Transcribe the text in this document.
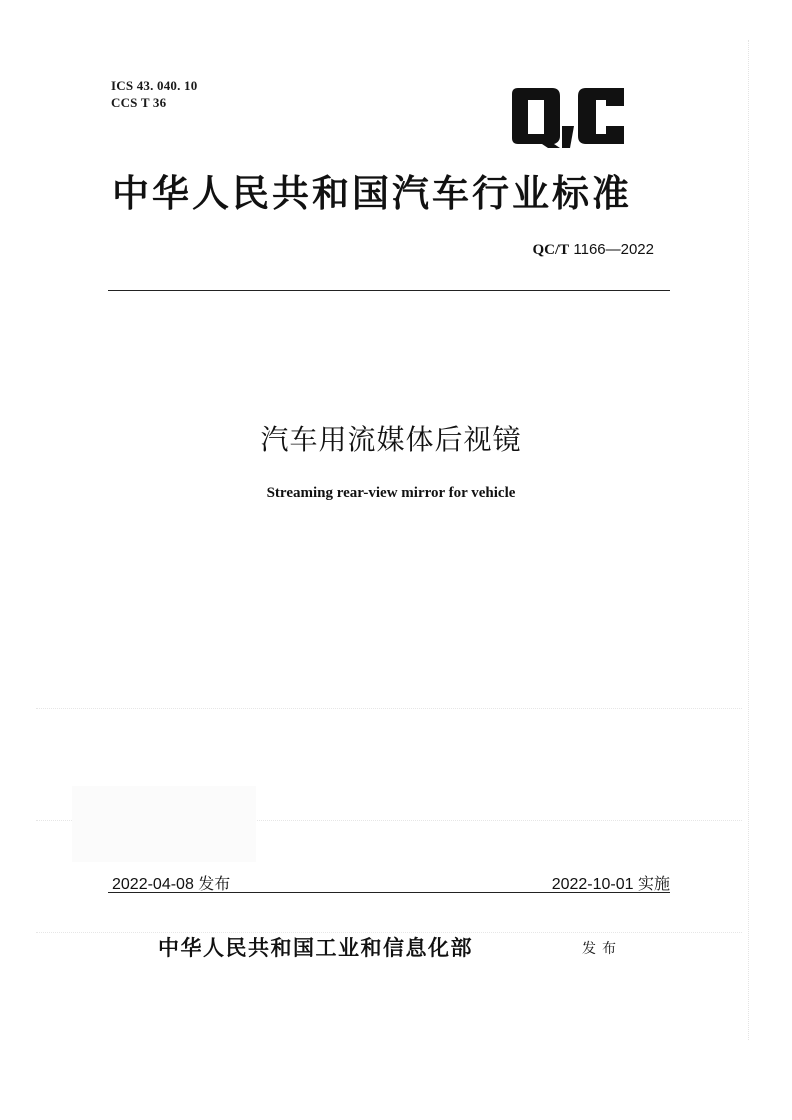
ICS 43. 040. 10
CCS T 36
中华人民共和国汽车行业标准
QC/T 1166—2022
汽车用流媒体后视镜
Streaming rear-view mirror for vehicle
2022-04-08 发布	2022-10-01 实施
中华人民共和国工业和信息化部	发布
